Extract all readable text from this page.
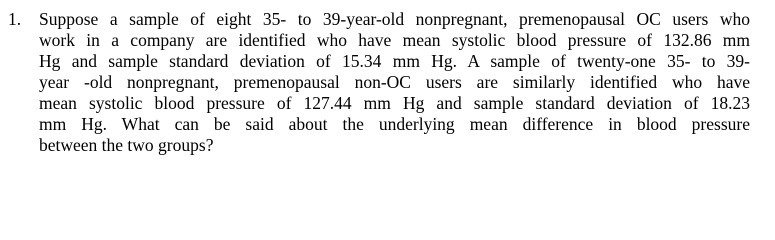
1.	Suppose a sample of eight 35- to 39-year-old nonpregnant, premenopausal OC users who
work in a company are identified who have mean systolic blood pressure of 132.86 mm
Hg and sample standard deviation of 15.34 mm Hg. A sample of twenty-one 35- to 39-
year -old nonpregnant, premenopausal non-OC users are similarly identified who have
mean systolic blood pressure of 127.44 mm Hg and sample standard deviation of 18.23
mm Hg. What can be said about the underlying mean difference in blood pressure
between the two groups?
